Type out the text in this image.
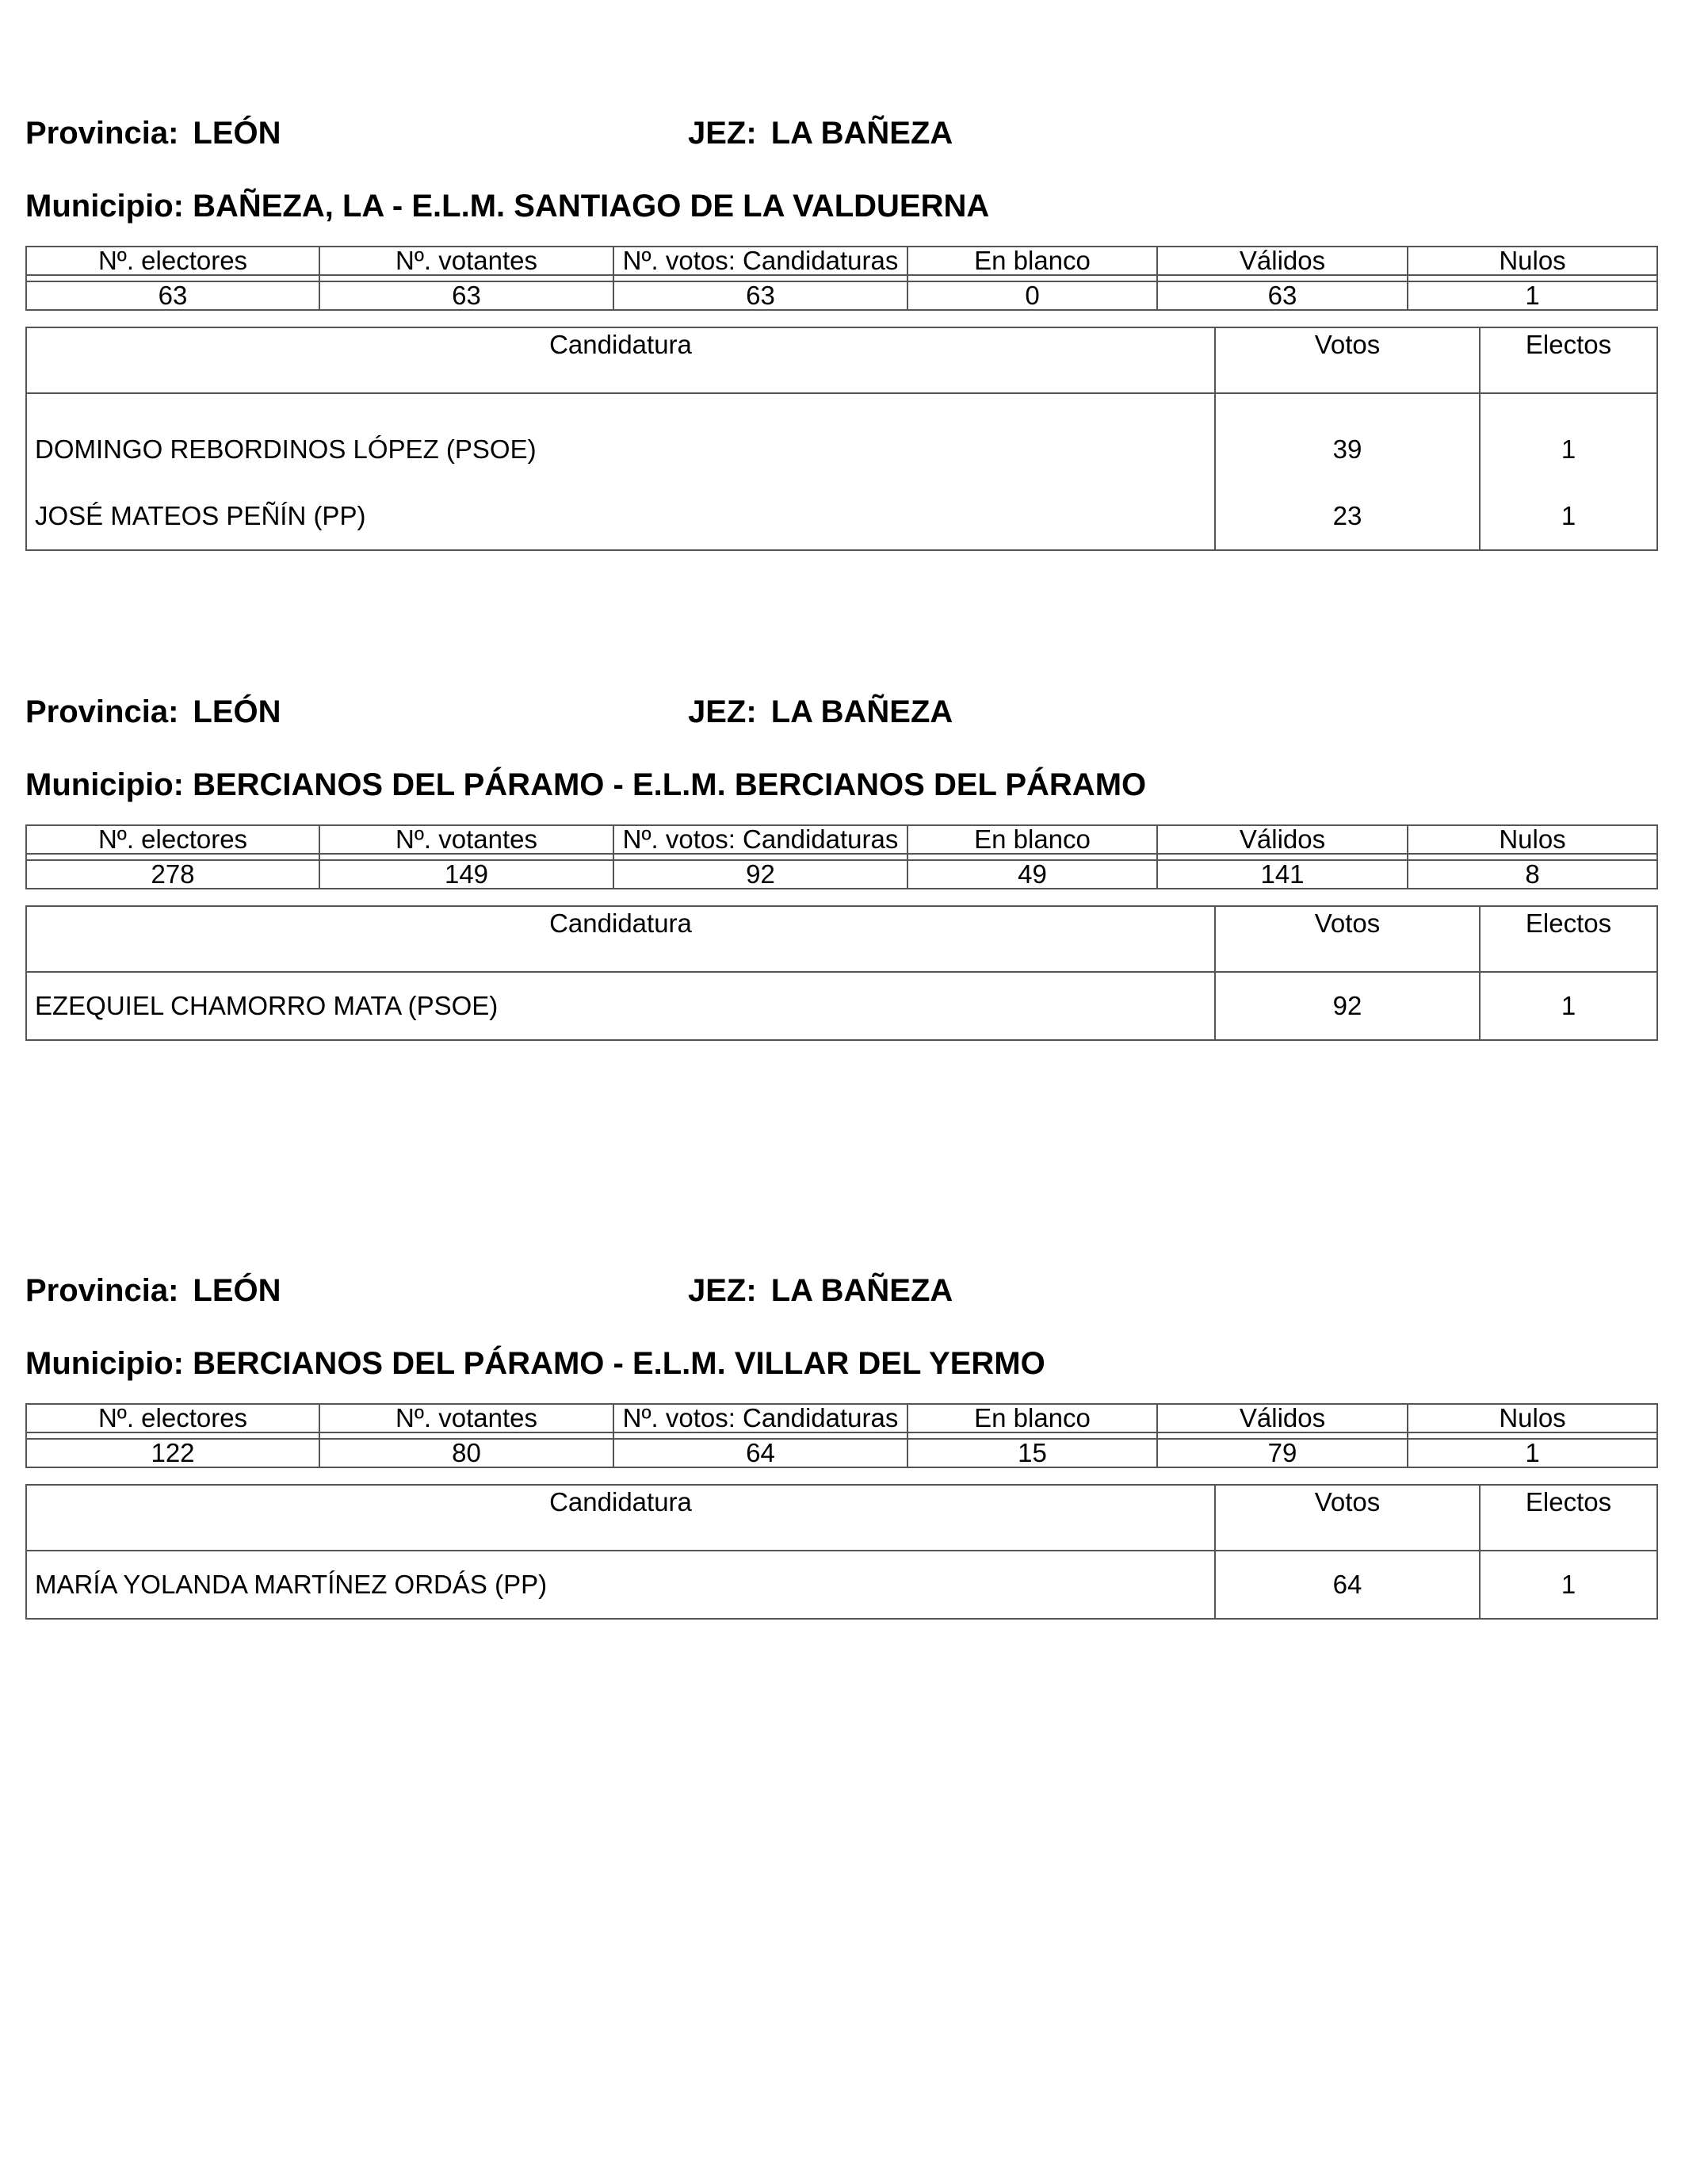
Provincia: LEÓN	JEZ: LA BAÑEZA
Municipio: BAÑEZA, LA - E.L.M. SANTIAGO DE LA VALDUERNA
Nº. electores	Nº. votantes	Nº. votos: Candidaturas	En blanco	Válidos	Nulos

63	63	63	0	63	1
Candidatura	Votos	Electos
DOMINGO REBORDINOS LÓPEZ (PSOE)	39	1
JOSÉ MATEOS PEÑÍN (PP)	23	1
Provincia: LEÓN	JEZ: LA BAÑEZA
Municipio: BERCIANOS DEL PÁRAMO - E.L.M. BERCIANOS DEL PÁRAMO
Nº. electores	Nº. votantes	Nº. votos: Candidaturas	En blanco	Válidos	Nulos

278	149	92	49	141	8
Candidatura	Votos	Electos
EZEQUIEL CHAMORRO MATA (PSOE)	92	1
Provincia: LEÓN	JEZ: LA BAÑEZA
Municipio: BERCIANOS DEL PÁRAMO - E.L.M. VILLAR DEL YERMO
Nº. electores	Nº. votantes	Nº. votos: Candidaturas	En blanco	Válidos	Nulos

122	80	64	15	79	1
Candidatura	Votos	Electos
MARÍA YOLANDA MARTÍNEZ ORDÁS (PP)	64	1
